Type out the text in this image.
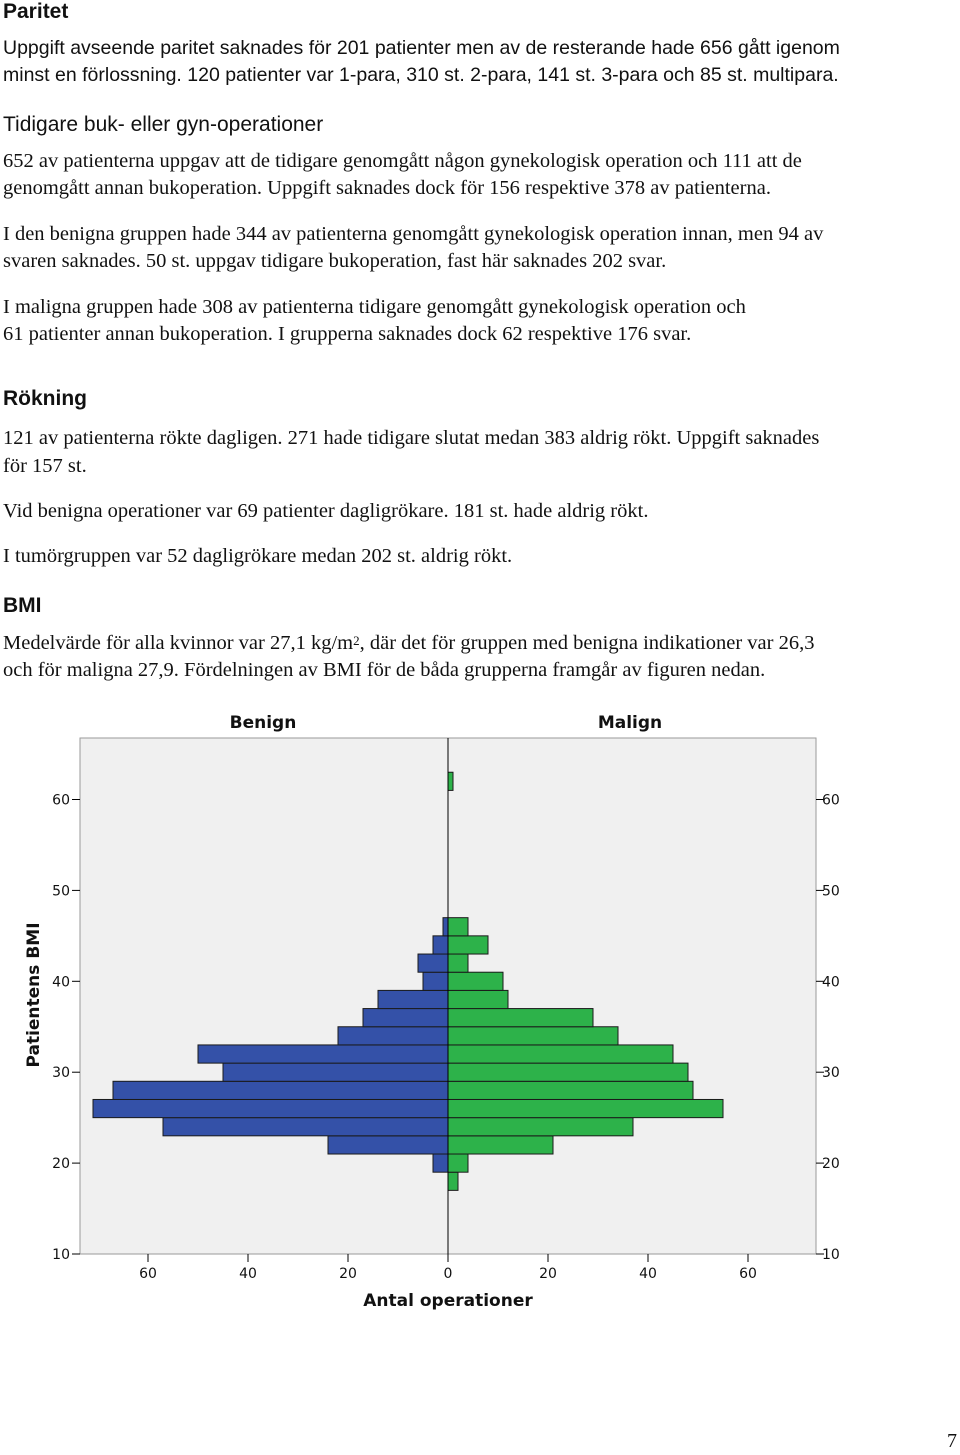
Paritet

Uppgift avseende paritet saknades för 201 patienter men av de resterande hade 656 gått igenom

minst en förlossning. 120 patienter var 1-para, 310 st. 2-para, 141 st. 3-para och 85 st. multipara.

Tidigare buk- eller gyn-operationer

652 av patienterna uppgav att de tidigare genomgått någon gynekologisk operation och 111 att de

genomgått annan bukoperation. Uppgift saknades dock för 156 respektive 378 av patienterna.

I den benigna gruppen hade 344 av patienterna genomgått gynekologisk operation innan, men 94 av

svaren saknades. 50 st. uppgav tidigare bukoperation, fast här saknades 202 svar.

I maligna gruppen hade 308 av patienterna tidigare genomgått gynekologisk operation och

61 patienter annan bukoperation. I grupperna saknades dock 62 respektive 176 svar.

Rökning

121 av patienterna rökte dagligen. 271 hade tidigare slutat medan 383 aldrig rökt. Uppgift saknades

för 157 st.

Vid benigna operationer var 69 patienter dagligrökare. 181 st. hade aldrig rökt.

I tumörgruppen var 52 dagligrökare medan 202 st. aldrig rökt.

BMI

Medelvärde för alla kvinnor var 27,1 $kg/m^2$, där det för gruppen med benigna indikationer var 26,3

och för maligna 27,9. Fördelningen av BMI för de båda grupperna framgår av figuren nedan.

10
20
30
40
50
60
10
20
30
40
50
60
60	40	20	0	20	40	60
Benign	Malign
Antal operationer
Patientens BMI
7
